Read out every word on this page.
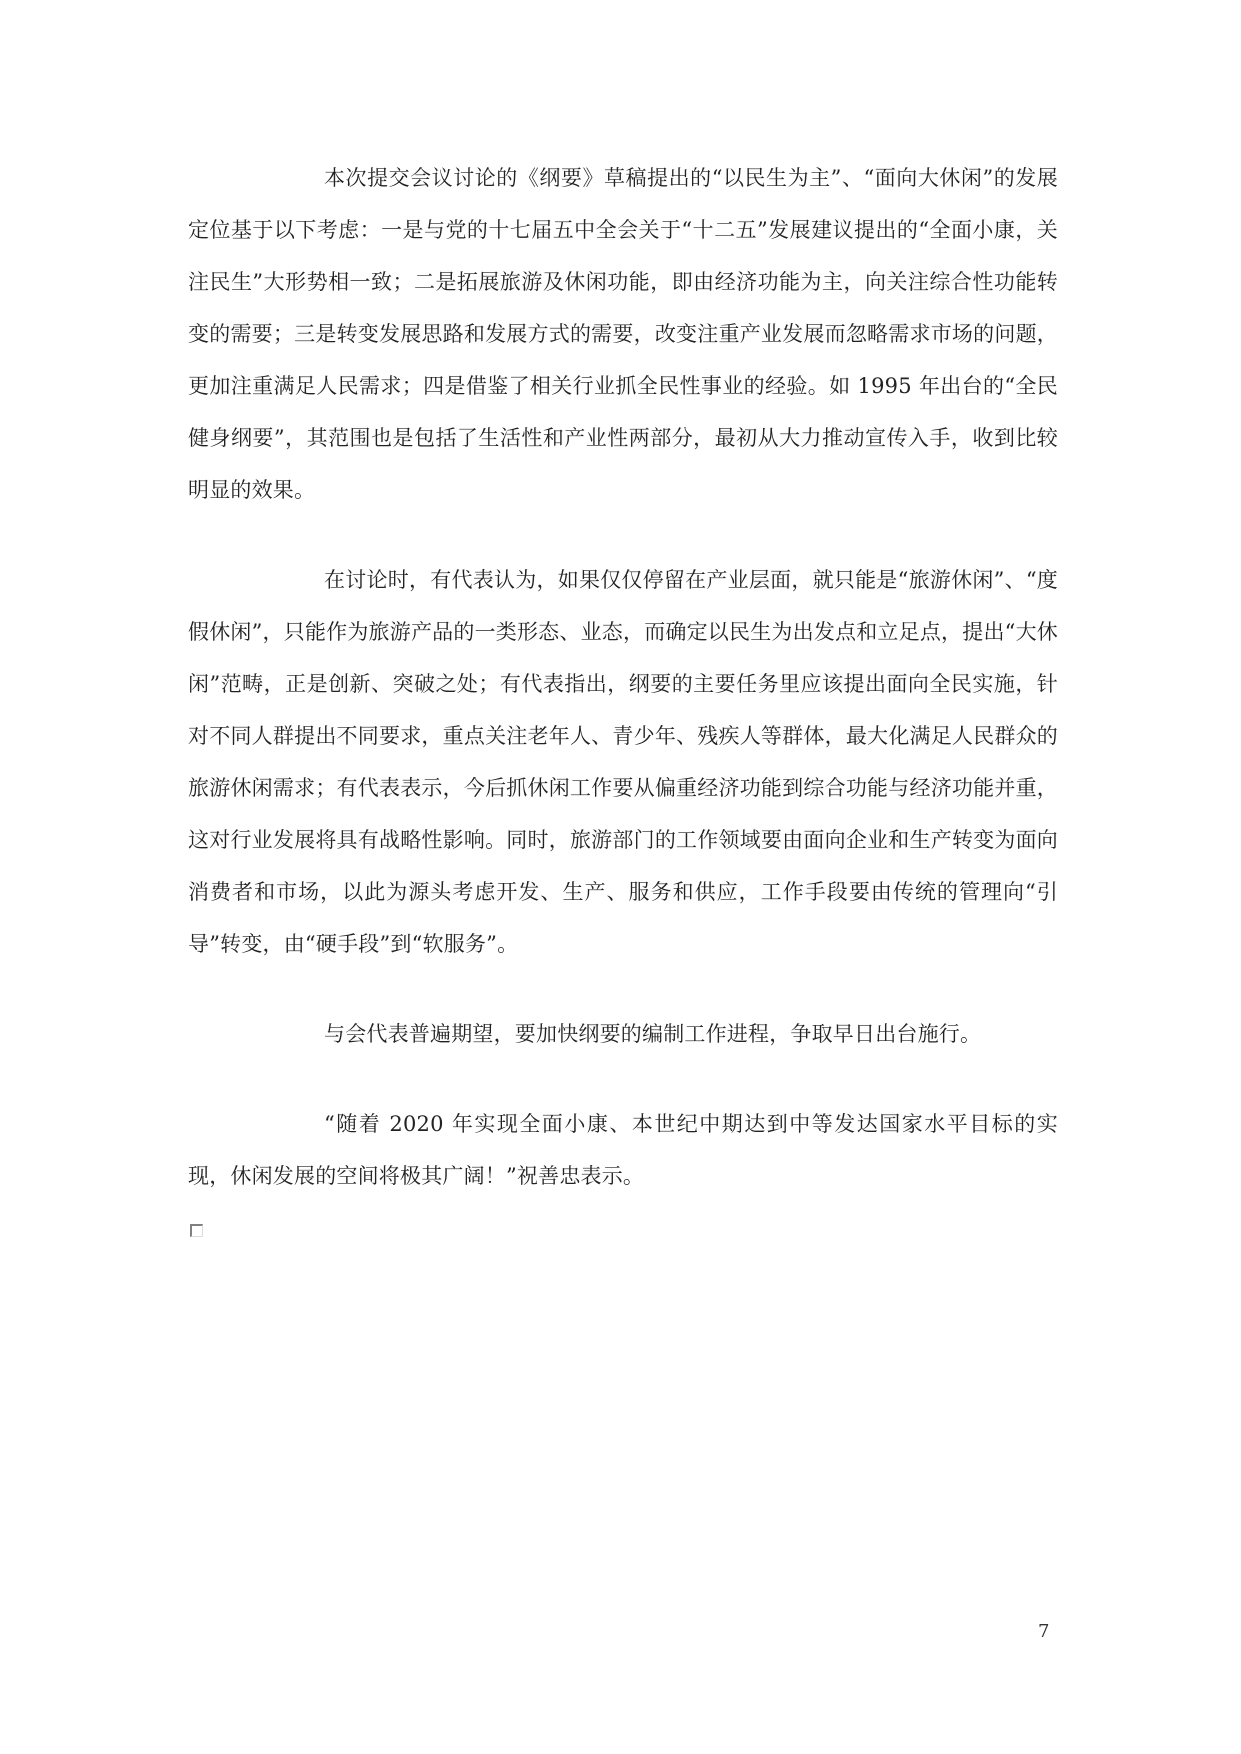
本次提交会议讨论的《纲要》草稿提出的“以民生为主”、“面向大休闲”的发展定位基于以下考虑：一是与党的十七届五中全会关于“十二五”发展建议提出的“全面小康，关注民生”大形势相一致；二是拓展旅游及休闲功能，即由经济功能为主，向关注综合性功能转变的需要；三是转变发展思路和发展方式的需要，改变注重产业发展而忽略需求市场的问题，更加注重满足人民需求；四是借鉴了相关行业抓全民性事业的经验。如 1995 年出台的“全民健身纲要”，其范围也是包括了生活性和产业性两部分，最初从大力推动宣传入手，收到比较明显的效果。

在讨论时，有代表认为，如果仅仅停留在产业层面，就只能是“旅游休闲”、“度假休闲”，只能作为旅游产品的一类形态、业态，而确定以民生为出发点和立足点，提出“大休闲”范畴，正是创新、突破之处；有代表指出，纲要的主要任务里应该提出面向全民实施，针对不同人群提出不同要求，重点关注老年人、青少年、残疾人等群体，最大化满足人民群众的旅游休闲需求；有代表表示，今后抓休闲工作要从偏重经济功能到综合功能与经济功能并重，这对行业发展将具有战略性影响。同时，旅游部门的工作领域要由面向企业和生产转变为面向消费者和市场，以此为源头考虑开发、生产、服务和供应，工作手段要由传统的管理向“引导”转变，由“硬手段”到“软服务”。

与会代表普遍期望，要加快纲要的编制工作进程，争取早日出台施行。

“随着 2020 年实现全面小康、本世纪中期达到中等发达国家水平目标的实现，休闲发展的空间将极其广阔！”祝善忠表示。

7
